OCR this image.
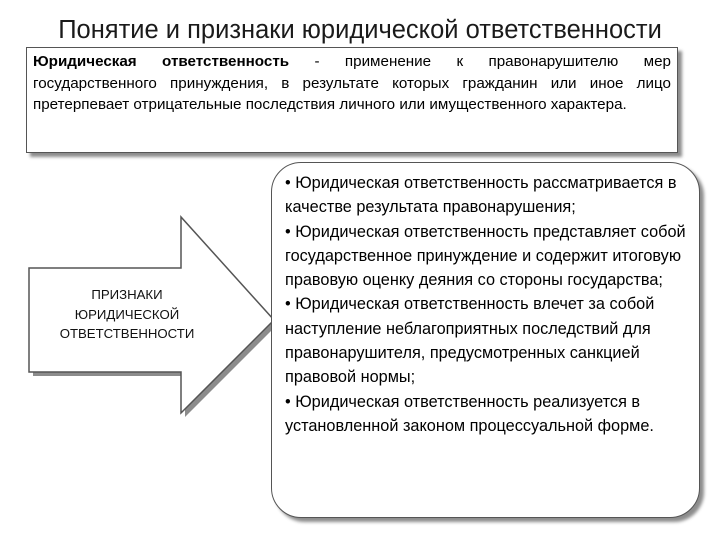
Понятие и признаки юридической ответственности
Юридическая ответственность - применение к правонарушителю мер государственного принуждения, в результате которых гражданин или иное лицо претерпевает отрицательные последствия личного или имущественного характера.
ПРИЗНАКИ ЮРИДИЧЕСКОЙ ОТВЕТСТВЕННОСТИ
• Юридическая ответственность рассматривается в качестве результата правонарушения;
• Юридическая ответственность представляет собой государственное принуждение и содержит итоговую правовую оценку деяния со стороны государства;
• Юридическая ответственность влечет за собой наступление неблагоприятных последствий для правонарушителя, предусмотренных санкцией правовой нормы;
• Юридическая ответственность реализуется в установленной законом процессуальной форме.
